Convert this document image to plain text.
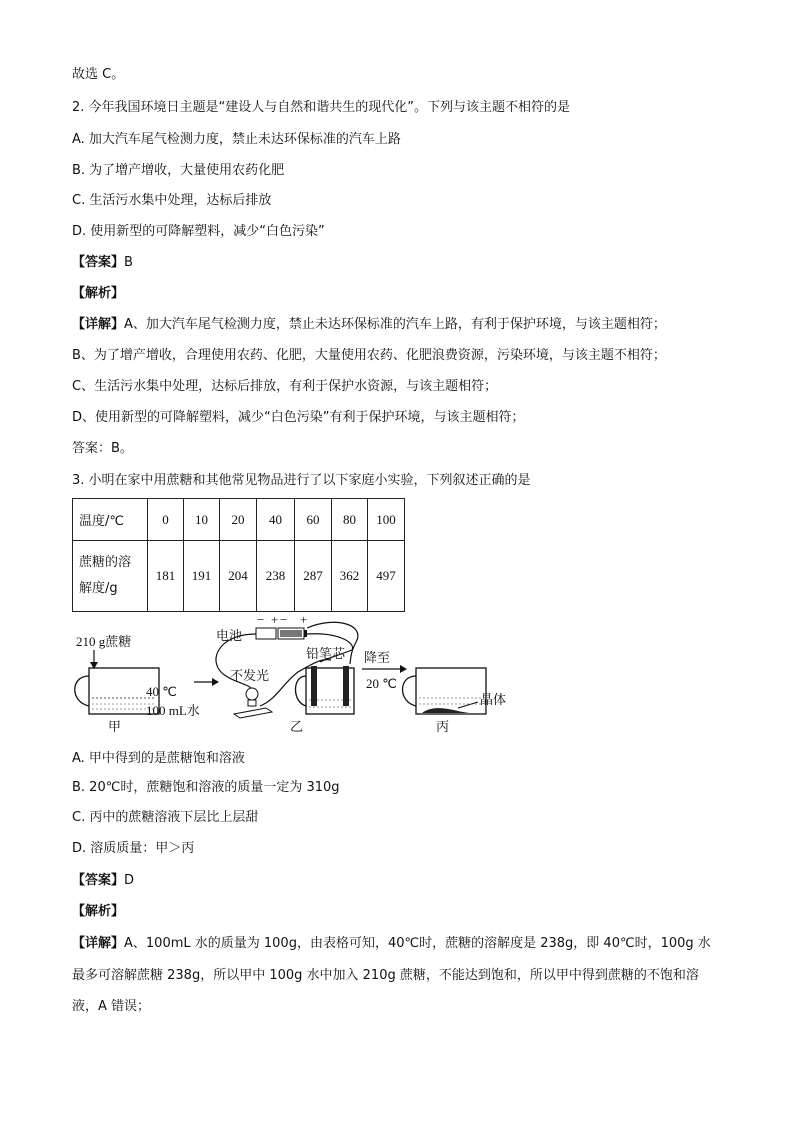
故选 C。
2. 今年我国环境日主题是“建设人与自然和谐共生的现代化”。下列与该主题不相符的是
A. 加大汽车尾气检测力度，禁止未达环保标准的汽车上路
B. 为了增产增收，大量使用农药化肥
C. 生活污水集中处理，达标后排放
D. 使用新型的可降解塑料，减少“白色污染”
【答案】B
【解析】
【详解】A、加大汽车尾气检测力度，禁止未达环保标准的汽车上路，有利于保护环境，与该主题相符；
B、为了增产增收，合理使用农药、化肥，大量使用农药、化肥浪费资源，污染环境，与该主题不相符；
C、生活污水集中处理，达标后排放，有利于保护水资源，与该主题相符；
D、使用新型的可降解塑料，减少“白色污染”有利于保护环境，与该主题相符；
答案：B。
3. 小明在家中用蔗糖和其他常见物品进行了以下家庭小实验，下列叙述正确的是
温度/℃	0	10	20	40	60	80	100
蔗糖的溶
解度/g	181	191	204	238	287	362	497
210 g蔗糖
40 ℃
100 mL水
甲
电池
− + − +
不发光
铅笔芯
乙
降至
20 ℃
晶体
丙
A. 甲中得到的是蔗糖饱和溶液
B. 20℃时，蔗糖饱和溶液的质量一定为 310g
C. 丙中的蔗糖溶液下层比上层甜
D. 溶质质量：甲＞丙
【答案】D
【解析】
【详解】A、100mL 水的质量为 100g，由表格可知，40℃时，蔗糖的溶解度是 238g，即 40℃时，100g 水
最多可溶解蔗糖 238g，所以甲中 100g 水中加入 210g 蔗糖，不能达到饱和，所以甲中得到蔗糖的不饱和溶
液，A 错误；
